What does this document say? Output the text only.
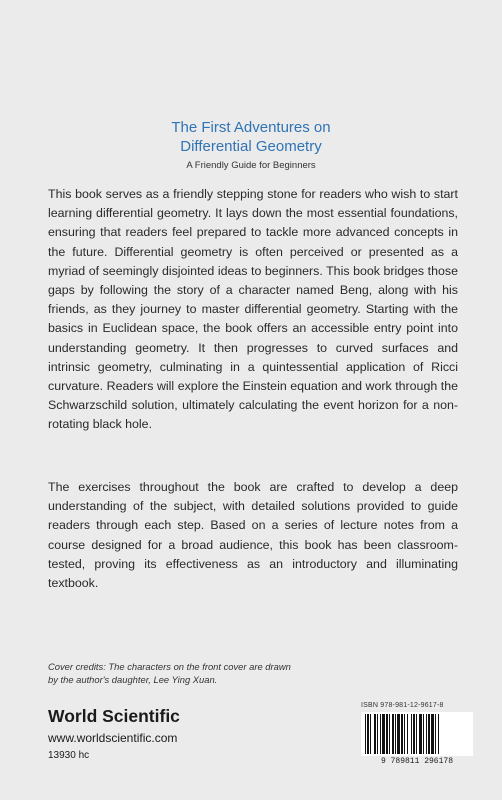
The First Adventures on
Differential Geometry
A Friendly Guide for Beginners

This book serves as a friendly stepping stone for readers who wish to start learning differential geometry. It lays down the most essential foundations, ensuring that readers feel prepared to tackle more advanced concepts in the future. Differential geometry is often perceived or presented as a myriad of seemingly disjointed ideas to beginners. This book bridges those gaps by following the story of a character named Beng, along with his friends, as they journey to master differential geometry. Starting with the basics in Euclidean space, the book offers an accessible entry point into understanding geometry. It then progresses to curved surfaces and intrinsic geometry, culminating in a quintessential application of Ricci curvature. Readers will explore the Einstein equation and work through the Schwarzschild solution, ultimately calculating the event horizon for a non-rotating black hole.

The exercises throughout the book are crafted to develop a deep understanding of the subject, with detailed solutions provided to guide readers through each step. Based on a series of lecture notes from a course designed for a broad audience, this book has been classroom-tested, proving its effectiveness as an introductory and illuminating textbook.

Cover credits: The characters on the front cover are drawn
by the author's daughter, Lee Ying Xuan.
World Scientific
www.worldscientific.com
13930 hc
ISBN 978-981-12-9617-8
9 789811 296178
